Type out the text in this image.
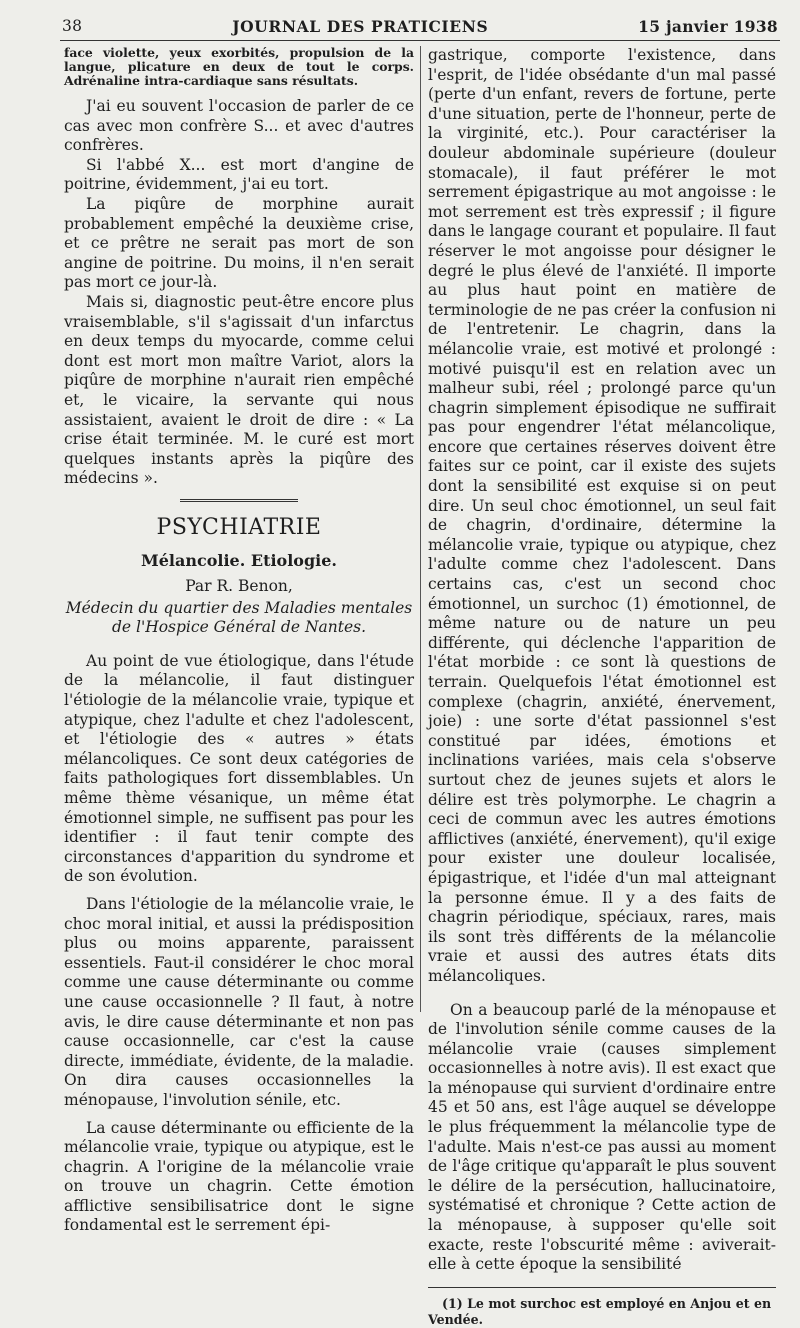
38	JOURNAL DES PRATICIENS	15 janvier 1938

face violette, yeux exorbités, propulsion de la langue, plicature en deux de tout le corps. Adrénaline intra-cardiaque sans résultats.

J'ai eu souvent l'occasion de parler de ce cas avec mon confrère S... et avec d'autres confrères.

Si l'abbé X... est mort d'angine de poitrine, évidemment, j'ai eu tort.

La piqûre de morphine aurait probablement empêché la deuxième crise, et ce prêtre ne serait pas mort de son angine de poitrine. Du moins, il n'en serait pas mort ce jour-là.

Mais si, diagnostic peut-être encore plus vraisemblable, s'il s'agissait d'un infarctus en deux temps du myocarde, comme celui dont est mort mon maître Variot, alors la piqûre de morphine n'aurait rien empêché et, le vicaire, la servante qui nous assistaient, avaient le droit de dire : « La crise était terminée. M. le curé est mort quelques instants après la piqûre des médecins ».

PSYCHIATRIE
Mélancolie. Etiologie.
Par R. Benon,
Médecin du quartier des Maladies mentales
de l'Hospice Général de Nantes.

Au point de vue étiologique, dans l'étude de la mélancolie, il faut distinguer l'étiologie de la mélancolie vraie, typique et atypique, chez l'adulte et chez l'adolescent, et l'étiologie des « autres » états mélancoliques. Ce sont deux catégories de faits pathologiques fort dissemblables. Un même thème vésanique, un même état émotionnel simple, ne suffisent pas pour les identifier : il faut tenir compte des circonstances d'apparition du syndrome et de son évolution.

Dans l'étiologie de la mélancolie vraie, le choc moral initial, et aussi la prédisposition plus ou moins apparente, paraissent essentiels. Faut-il considérer le choc moral comme une cause déterminante ou comme une cause occasionnelle ? Il faut, à notre avis, le dire cause déterminante et non pas cause occasionnelle, car c'est la cause directe, immédiate, évidente, de la maladie. On dira causes occasionnelles la ménopause, l'involution sénile, etc.

La cause déterminante ou efficiente de la mélancolie vraie, typique ou atypique, est le chagrin. A l'origine de la mélancolie vraie on trouve un chagrin. Cette émotion afflictive sensibilisatrice dont le signe fondamental est le serrement épi-

gastrique, comporte l'existence, dans l'esprit, de l'idée obsédante d'un mal passé (perte d'un enfant, revers de fortune, perte d'une situation, perte de l'honneur, perte de la virginité, etc.). Pour caractériser la douleur abdominale supérieure (douleur stomacale), il faut préférer le mot serrement épigastrique au mot angoisse : le mot serrement est très expressif ; il figure dans le langage courant et populaire. Il faut réserver le mot angoisse pour désigner le degré le plus élevé de l'anxiété. Il importe au plus haut point en matière de terminologie de ne pas créer la confusion ni de l'entretenir. Le chagrin, dans la mélancolie vraie, est motivé et prolongé : motivé puisqu'il est en relation avec un malheur subi, réel ; prolongé parce qu'un chagrin simplement épisodique ne suffirait pas pour engendrer l'état mélancolique, encore que certaines réserves doivent être faites sur ce point, car il existe des sujets dont la sensibilité est exquise si on peut dire. Un seul choc émotionnel, un seul fait de chagrin, d'ordinaire, détermine la mélancolie vraie, typique ou atypique, chez l'adulte comme chez l'adolescent. Dans certains cas, c'est un second choc émotionnel, un surchoc (1) émotionnel, de même nature ou de nature un peu différente, qui déclenche l'apparition de l'état morbide : ce sont là questions de terrain. Quelquefois l'état émotionnel est complexe (chagrin, anxiété, énervement, joie) : une sorte d'état passionnel s'est constitué par idées, émotions et inclinations variées, mais cela s'observe surtout chez de jeunes sujets et alors le délire est très polymorphe. Le chagrin a ceci de commun avec les autres émotions afflictives (anxiété, énervement), qu'il exige pour exister une douleur localisée, épigastrique, et l'idée d'un mal atteignant la personne émue. Il y a des faits de chagrin périodique, spéciaux, rares, mais ils sont très différents de la mélancolie vraie et aussi des autres états dits mélancoliques.

On a beaucoup parlé de la ménopause et de l'involution sénile comme causes de la mélancolie vraie (causes simplement occasionnelles à notre avis). Il est exact que la ménopause qui survient d'ordinaire entre 45 et 50 ans, est l'âge auquel se développe le plus fréquemment la mélancolie type de l'adulte. Mais n'est-ce pas aussi au moment de l'âge critique qu'apparaît le plus souvent le délire de la persécution, hallucinatoire, systématisé et chronique ? Cette action de la ménopause, à supposer qu'elle soit exacte, reste l'obscurité même : aviverait-elle à cette époque la sensibilité

(1) Le mot surchoc est employé en Anjou et en Vendée.
